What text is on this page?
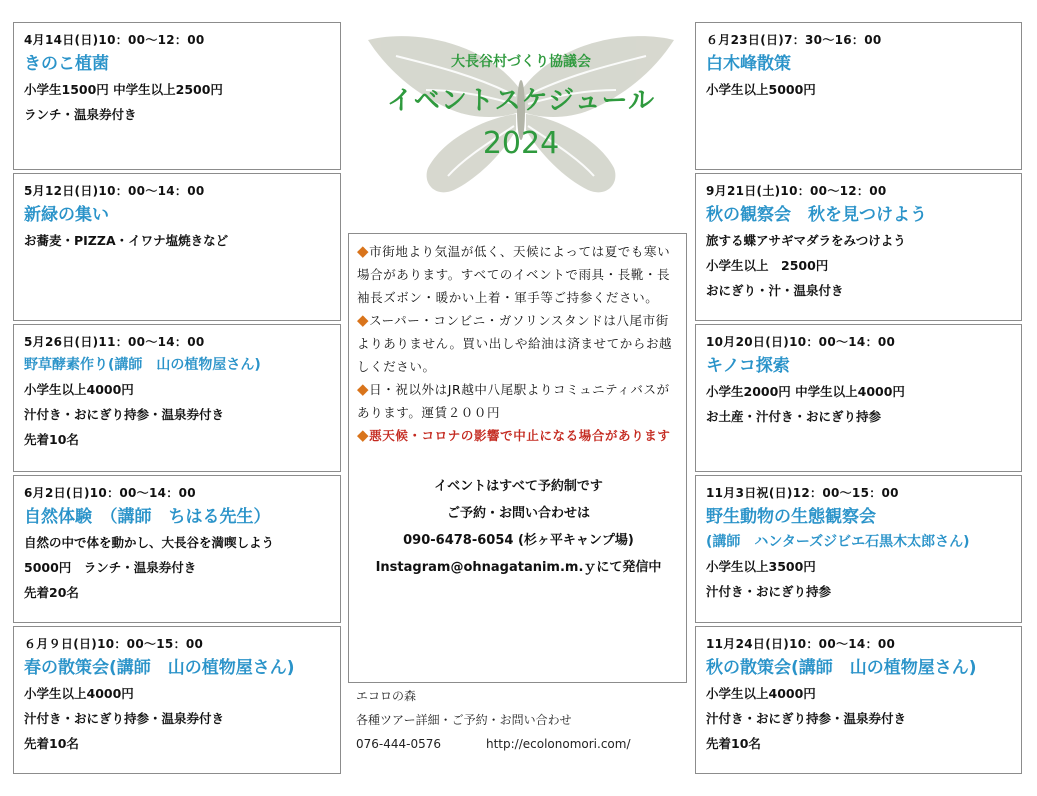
4月14日(日)10：00〜12：00
きのこ植菌
小学生1500円 中学生以上2500円
ランチ・温泉券付き
5月12日(日)10：00〜14：00
新緑の集い
お蕎麦・PIZZA・イワナ塩焼きなど
5月26日(日)11：00〜14：00
野草酵素作り(講師　山の植物屋さん)
小学生以上4000円
汁付き・おにぎり持参・温泉券付き
先着10名
6月2日(日)10：00〜14：00
自然体験　（講師　ちはる先生）
自然の中で体を動かし、大長谷を満喫しよう
5000円　ランチ・温泉券付き
先着20名
６月９日(日)10：00〜15：00
春の散策会(講師　山の植物屋さん)
小学生以上4000円
汁付き・おにぎり持参・温泉券付き
先着10名
大長谷村づくり協議会
イベントスケジュール
2024
◆市街地より気温が低く、天候によっては夏でも寒い場合があります。すべてのイベントで雨具・長靴・長袖長ズボン・暖かい上着・軍手等ご持参ください。
◆スーパー・コンビニ・ガソリンスタンドは八尾市街よりありません。買い出しや給油は済ませてからお越しください。
◆日・祝以外はJR越中八尾駅よりコミュニティバスがあります。運賃２００円
◆悪天候・コロナの影響で中止になる場合があります
イベントはすべて予約制です
ご予約・お問い合わせは
090-6478-6054 (杉ヶ平キャンプ場)
Instagram@ohnagatanim.m.ｙにて発信中
エコロの森
各種ツアー詳細・ご予約・お問い合わせ
076-444-0576	http://ecolonomori.com/
６月23日(日)7：30〜16：00
白木峰散策
小学生以上5000円
9月21日(土)10：00〜12：00
秋の観察会　秋を見つけよう
旅する蝶アサギマダラをみつけよう
小学生以上　2500円
おにぎり・汁・温泉付き
10月20日(日)10：00〜14：00
キノコ探索
小学生2000円 中学生以上4000円
お土産・汁付き・おにぎり持参
11月3日祝(日)12：00〜15：00
野生動物の生態観察会
(講師　ハンターズジビエ石黒木太郎さん)
小学生以上3500円
汁付き・おにぎり持参
11月24日(日)10：00〜14：00
秋の散策会(講師　山の植物屋さん)
小学生以上4000円
汁付き・おにぎり持参・温泉券付き
先着10名
